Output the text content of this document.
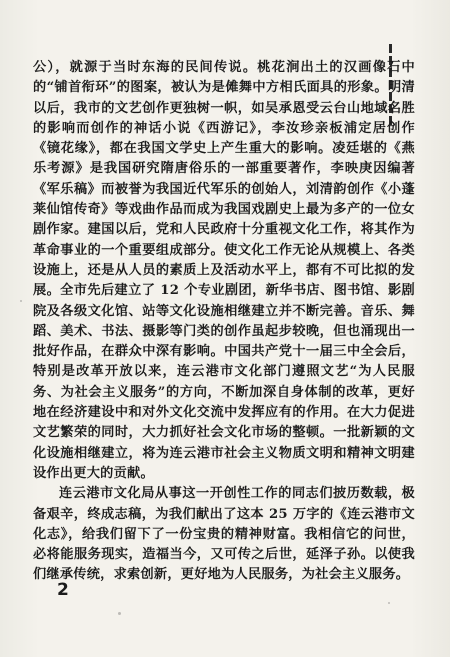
公），就源于当时东海的民间传说。桃花涧出土的汉画像石中的“铺首衔环”的图案，被认为是傩舞中方相氏面具的形象。明清以后，我市的文艺创作更独树一帜，如吴承恩受云台山地域名胜的影响而创作的神话小说《西游记》，李汝珍亲板浦定居创作《镜花缘》，都在我国文学史上产生重大的影响。凌廷堪的《燕乐考源》是我国研究隋唐俗乐的一部重要著作，李映庚因编著《军乐稿》而被誉为我国近代军乐的创始人，刘清韵创作《小蓬莱仙馆传奇》等戏曲作品而成为我国戏剧史上最为多产的一位女剧作家。建国以后，党和人民政府十分重视文化工作，将其作为革命事业的一个重要组成部分。使文化工作无论从规模上、各类设施上，还是从人员的素质上及活动水平上，都有不可比拟的发展。全市先后建立了 12 个专业剧团，新华书店、图书馆、影剧院及各级文化馆、站等文化设施相继建立并不断完善。音乐、舞蹈、美术、书法、摄影等门类的创作虽起步较晚，但也涌现出一批好作品，在群众中深有影响。中国共产党十一届三中全会后，特别是改革开放以来，连云港市文化部门遵照文艺“为人民服务、为社会主义服务”的方向，不断加深自身体制的改革，更好地在经济建设中和对外文化交流中发挥应有的作用。在大力促进文艺繁荣的同时，大力抓好社会文化市场的整顿。一批新颖的文化设施相继建立，将为连云港市社会主义物质文明和精神文明建设作出更大的贡献。

连云港市文化局从事这一开创性工作的同志们披历数载，极备艰辛，终成志稿，为我们献出了这本 25 万字的《连云港市文化志》，给我们留下了一份宝贵的精神财富。我相信它的问世，必将能服务现实，造福当今，又可传之后世，延泽子孙。以使我们继承传统，求索创新，更好地为人民服务，为社会主义服务。

2
